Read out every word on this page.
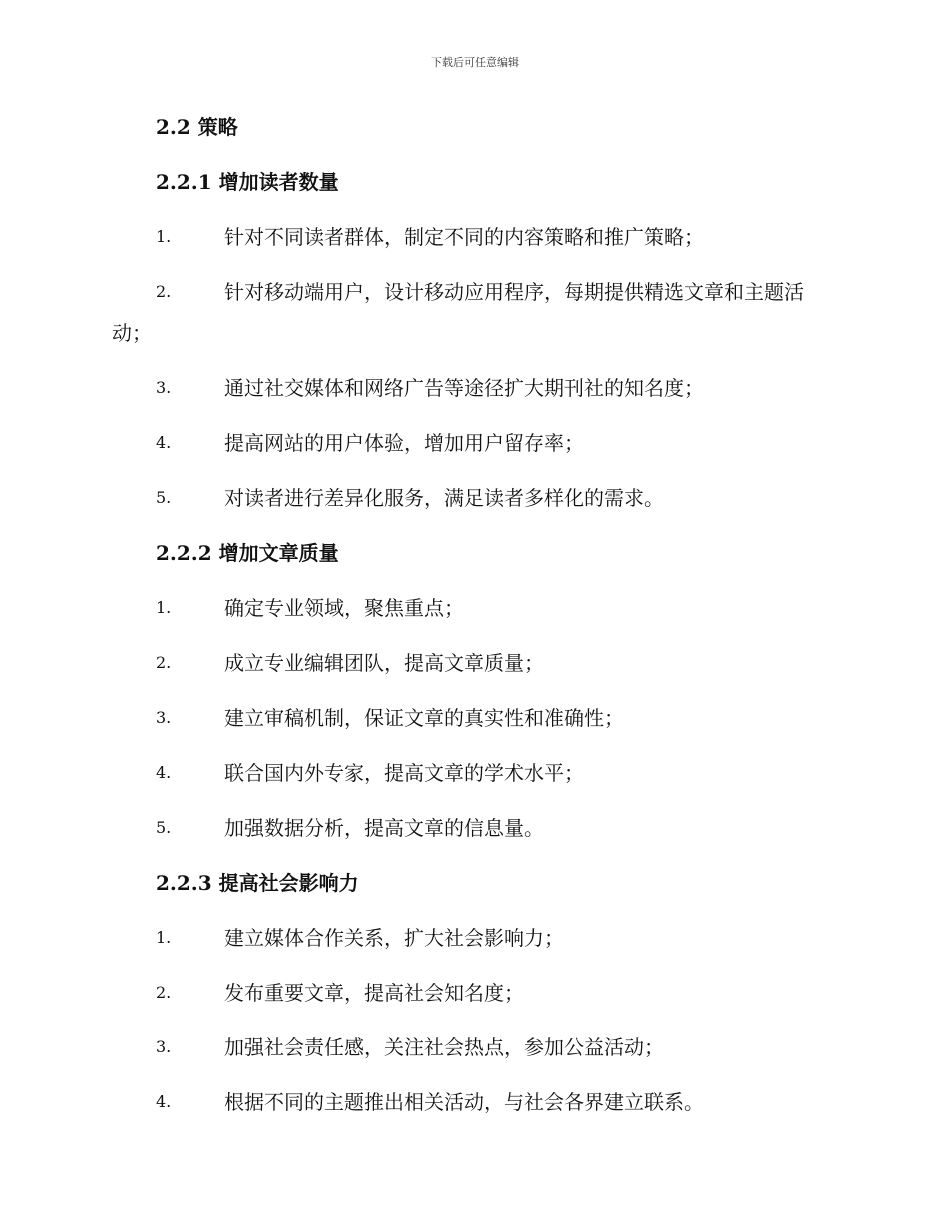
下载后可任意编辑
2.2 策略
2.2.1 增加读者数量
1.	针对不同读者群体，制定不同的内容策略和推广策略；
2.	针对移动端用户，设计移动应用程序，每期提供精选文章和主题活动；
3.	通过社交媒体和网络广告等途径扩大期刊社的知名度；
4.	提高网站的用户体验，增加用户留存率；
5.	对读者进行差异化服务，满足读者多样化的需求。
2.2.2 增加文章质量
1.	确定专业领域，聚焦重点；
2.	成立专业编辑团队，提高文章质量；
3.	建立审稿机制，保证文章的真实性和准确性；
4.	联合国内外专家，提高文章的学术水平；
5.	加强数据分析，提高文章的信息量。
2.2.3 提高社会影响力
1.	建立媒体合作关系，扩大社会影响力；
2.	发布重要文章，提高社会知名度；
3.	加强社会责任感，关注社会热点，参加公益活动；
4.	根据不同的主题推出相关活动，与社会各界建立联系。
